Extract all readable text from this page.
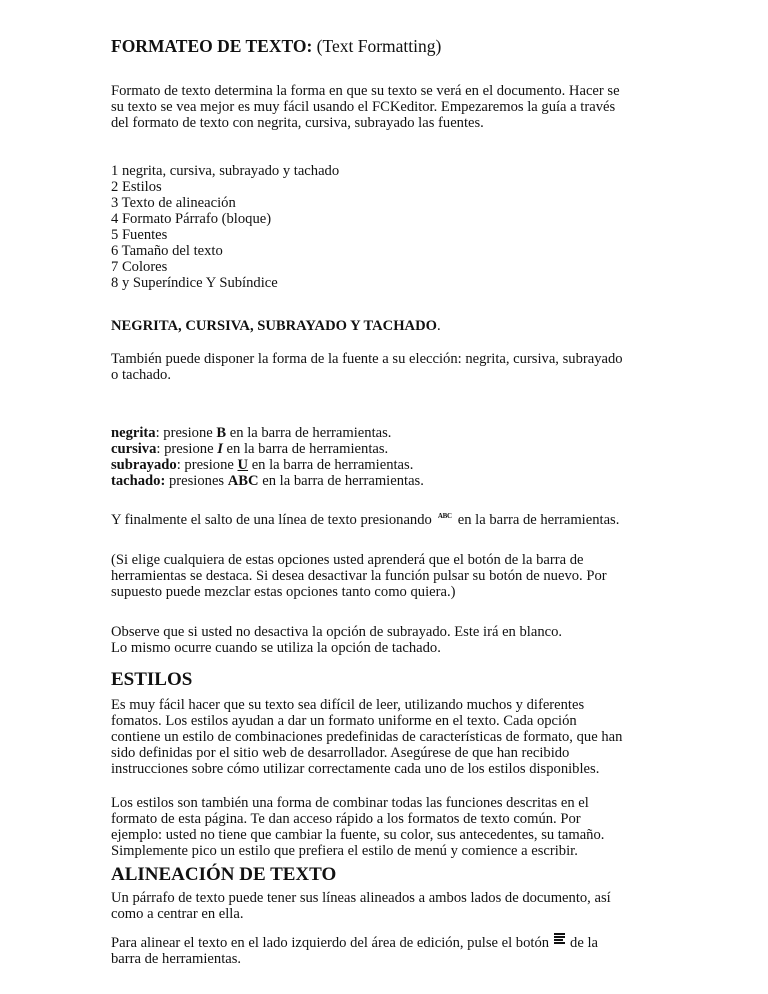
FORMATEO DE TEXTO: (Text Formatting)

Formato de texto determina la forma en que su texto se verá en el documento. Hacer se

su texto se vea mejor es muy fácil usando el FCKeditor. Empezaremos la guía a través

del formato de texto con negrita, cursiva, subrayado las fuentes.

1 negrita, cursiva, subrayado y tachado

2 Estilos

3 Texto de alineación

4 Formato Párrafo (bloque)

5 Fuentes

6 Tamaño del texto

7 Colores

8 y Superíndice Y Subíndice

NEGRITA, CURSIVA, SUBRAYADO Y TACHADO.

También puede disponer la forma de la fuente a su elección: negrita, cursiva, subrayado

o tachado.

negrita: presione B en la barra de herramientas.

cursiva: presione I en la barra de herramientas.

subrayado: presione U en la barra de herramientas.

tachado: presiones ABC en la barra de herramientas.

Y finalmente el salto de una línea de texto presionando ABC en la barra de herramientas.

(Si elige cualquiera de estas opciones usted aprenderá que el botón de la barra de

herramientas se destaca. Si desea desactivar la función pulsar su botón de nuevo. Por

supuesto puede mezclar estas opciones tanto como quiera.)

Observe que si usted no desactiva la opción de subrayado. Este irá en blanco.

Lo mismo ocurre cuando se utiliza la opción de tachado.

ESTILOS

Es muy fácil hacer que su texto sea difícil de leer, utilizando muchos y diferentes

fomatos. Los estilos ayudan a dar un formato uniforme en el texto. Cada opción

contiene un estilo de combinaciones predefinidas de características de formato, que han

sido definidas por el sitio web de desarrollador. Asegúrese de que han recibido

instrucciones sobre cómo utilizar correctamente cada uno de los estilos disponibles.

Los estilos son también una forma de combinar todas las funciones descritas en el

formato de esta página. Te dan acceso rápido a los formatos de texto común. Por

ejemplo: usted no tiene que cambiar la fuente, su color, sus antecedentes, su tamaño.

Simplemente pico un estilo que prefiera el estilo de menú y comience a escribir.

ALINEACIÓN DE TEXTO

Un párrafo de texto puede tener sus líneas alineados a ambos lados de documento, así

como a centrar en ella.

Para alinear el texto en el lado izquierdo del área de edición, pulse el botón de la

barra de herramientas.
